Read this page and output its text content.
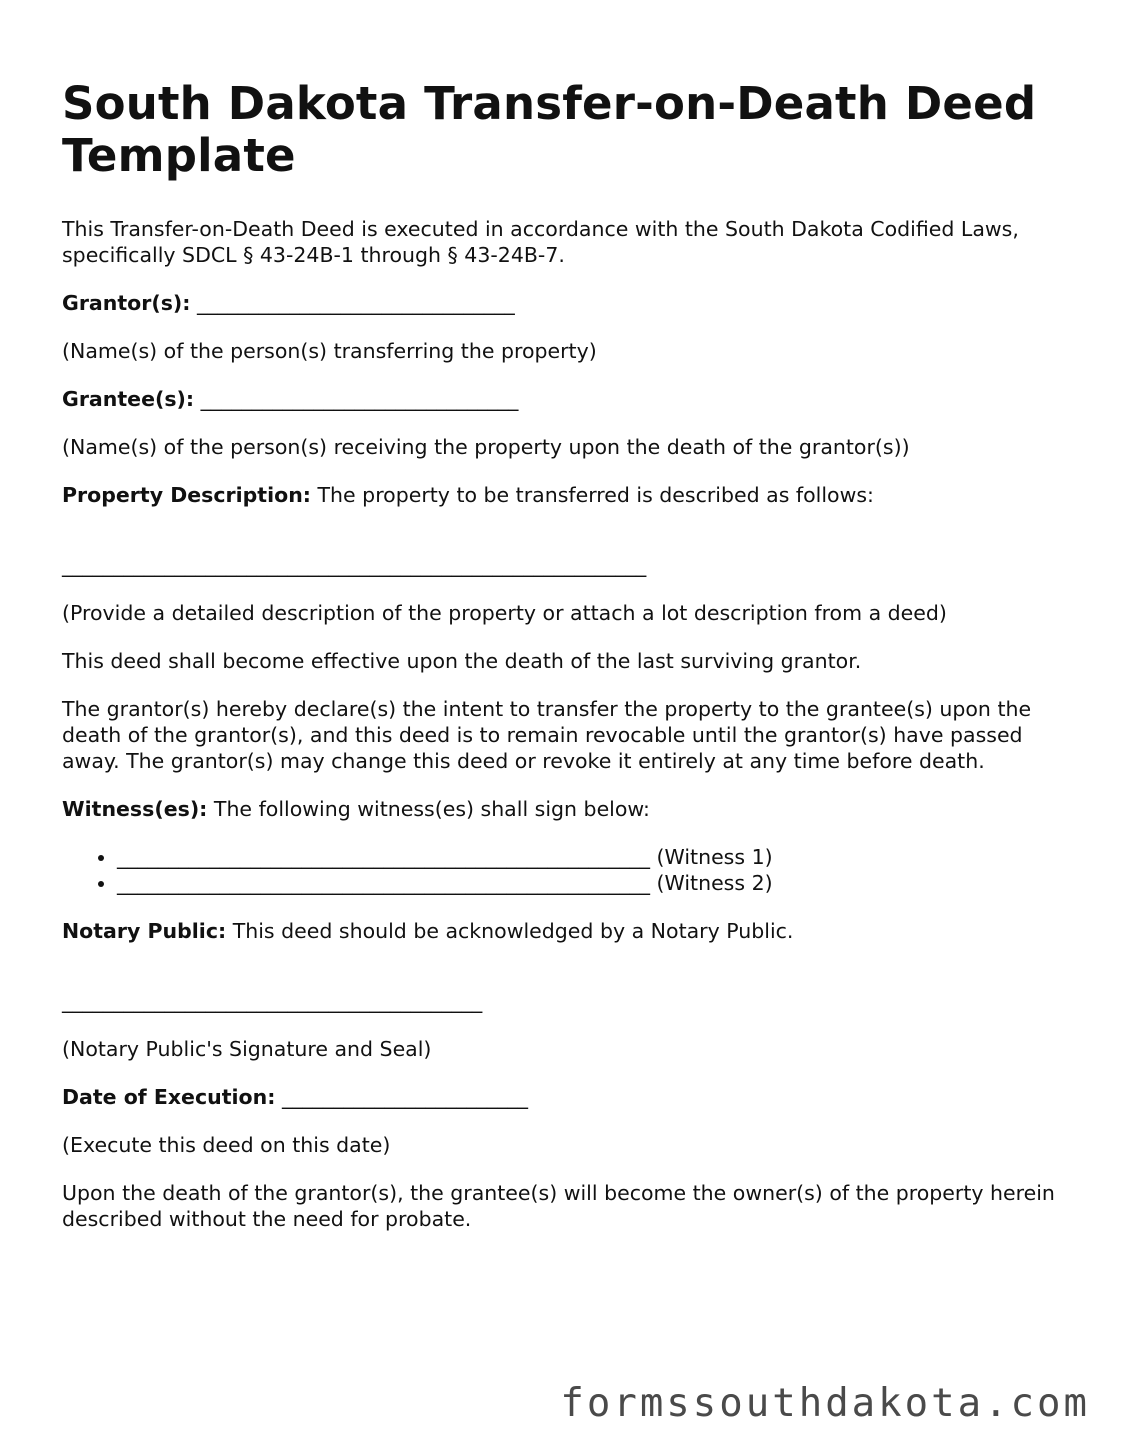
South Dakota Transfer-on-Death Deed Template

This Transfer-on-Death Deed is executed in accordance with the South Dakota Codified Laws, specifically SDCL § 43-24B-1 through § 43-24B-7.

Grantor(s): _______________________________

(Name(s) of the person(s) transferring the property)

Grantee(s): _______________________________

(Name(s) of the person(s) receiving the property upon the death of the grantor(s))

Property Description: The property to be transferred is described as follows:

_________________________________________________________

(Provide a detailed description of the property or attach a lot description from a deed)

This deed shall become effective upon the death of the last surviving grantor.

The grantor(s) hereby declare(s) the intent to transfer the property to the grantee(s) upon the death of the grantor(s), and this deed is to remain revocable until the grantor(s) have passed away. The grantor(s) may change this deed or revoke it entirely at any time before death.

Witness(es): The following witness(es) shall sign below:

• ____________________________________________________ (Witness 1)
• ____________________________________________________ (Witness 2)

Notary Public: This deed should be acknowledged by a Notary Public.

_________________________________________

(Notary Public's Signature and Seal)

Date of Execution: ________________________

(Execute this deed on this date)

Upon the death of the grantor(s), the grantee(s) will become the owner(s) of the property herein described without the need for probate.

formssouthdakota.com
